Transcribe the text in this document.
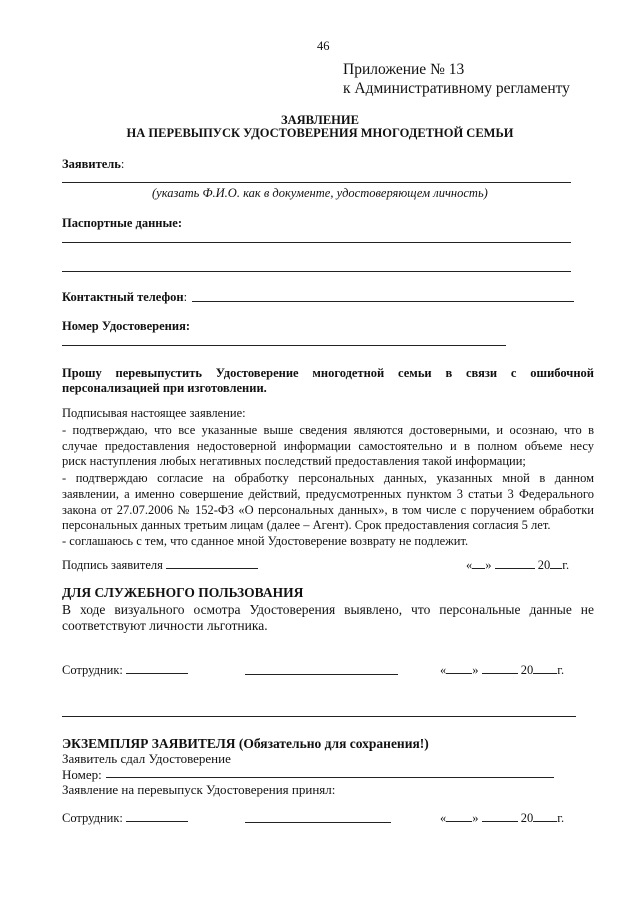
46
Приложение № 13
к Административному регламенту
ЗАЯВЛЕНИЕ
НА ПЕРЕВЫПУСК УДОСТОВЕРЕНИЯ МНОГОДЕТНОЙ СЕМЬИ
Заявитель:
(указать Ф.И.О. как в документе, удостоверяющем личность)
Паспортные данные:
Контактный телефон:
Номер Удостоверения:
Прошу перевыпустить Удостоверение многодетной семьи в связи с ошибочной
персонализацией при изготовлении.
Подписывая настоящее заявление:
- подтверждаю, что все указанные выше сведения являются достоверными, и осознаю, что в
случае предоставления недостоверной информации самостоятельно и в полном объеме несу
риск наступления любых негативных последствий предоставления такой информации;
- подтверждаю согласие на обработку персональных данных, указанных мной в данном
заявлении, а именно совершение действий, предусмотренных пунктом 3 статьи 3 Федерального
закона от 27.07.2006 № 152-ФЗ «О персональных данных», в том числе с поручением обработки
персональных данных третьим лицам (далее – Агент). Срок предоставления согласия 5 лет.
- соглашаюсь с тем, что сданное мной Удостоверение возврату не подлежит.
Подпись заявителя	« »	20 г.
ДЛЯ СЛУЖЕБНОГО ПОЛЬЗОВАНИЯ
В ходе визуального осмотра Удостоверения выявлено, что персональные данные не
соответствуют личности льготника.
Сотрудник:	« »	20 г.
ЭКЗЕМПЛЯР ЗАЯВИТЕЛЯ (Обязательно для сохранения!)
Заявитель сдал Удостоверение
Номер:
Заявление на перевыпуск Удостоверения принял:
Сотрудник:	« »	20 г.
